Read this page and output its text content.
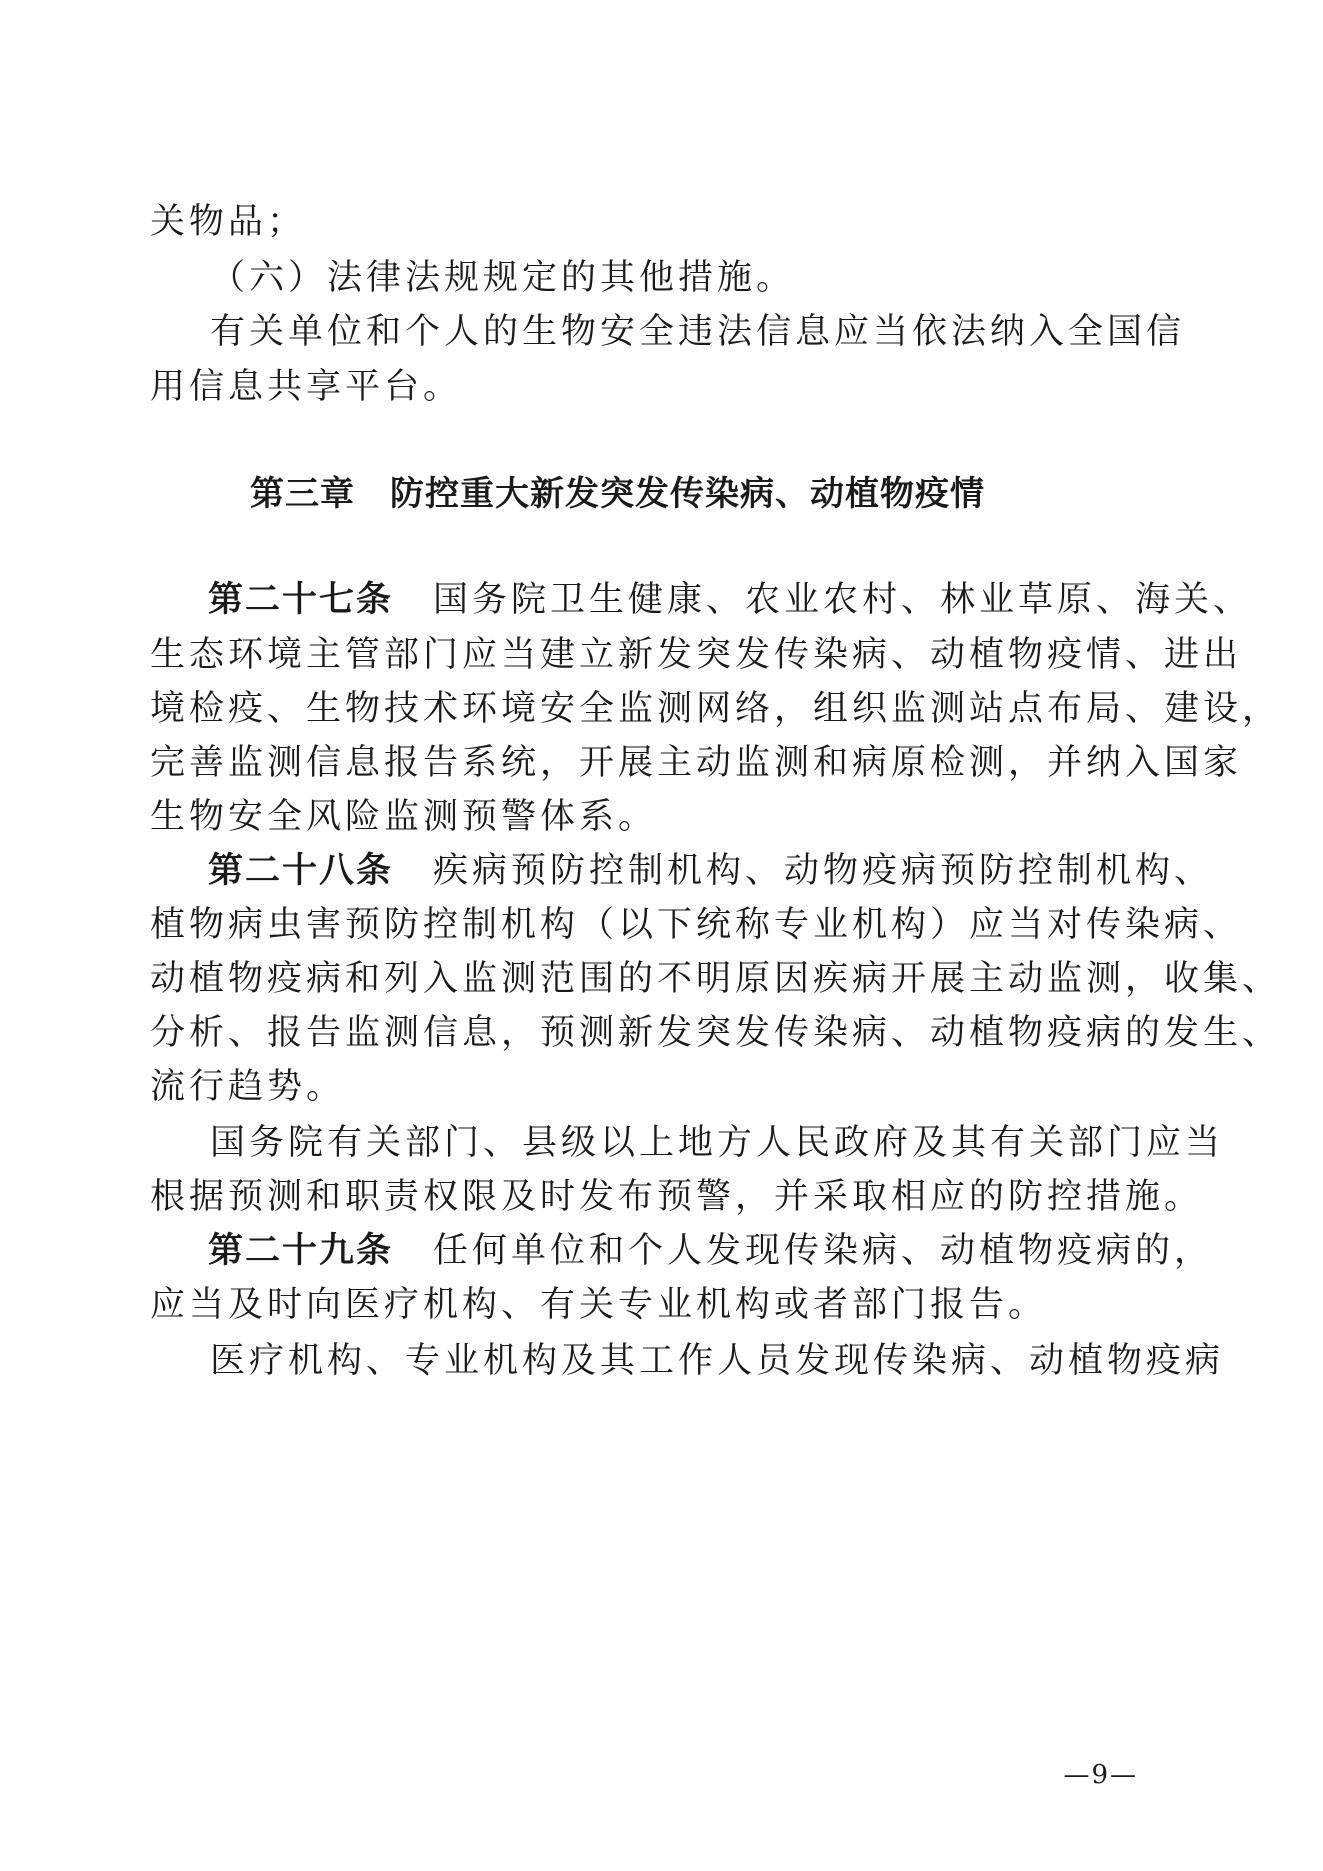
关物品；
（六）法律法规规定的其他措施。
有关单位和个人的生物安全违法信息应当依法纳入全国信
用信息共享平台。
第三章　防控重大新发突发传染病、动植物疫情
第二十七条 国务院卫生健康、农业农村、林业草原、海关、
生态环境主管部门应当建立新发突发传染病、动植物疫情、进出
境检疫、生物技术环境安全监测网络，组织监测站点布局、建设，
完善监测信息报告系统，开展主动监测和病原检测，并纳入国家
生物安全风险监测预警体系。
第二十八条 疾病预防控制机构、动物疫病预防控制机构、
植物病虫害预防控制机构（以下统称专业机构）应当对传染病、
动植物疫病和列入监测范围的不明原因疾病开展主动监测，收集、
分析、报告监测信息，预测新发突发传染病、动植物疫病的发生、
流行趋势。
国务院有关部门、县级以上地方人民政府及其有关部门应当
根据预测和职责权限及时发布预警，并采取相应的防控措施。
第二十九条 任何单位和个人发现传染病、动植物疫病的，
应当及时向医疗机构、有关专业机构或者部门报告。
医疗机构、专业机构及其工作人员发现传染病、动植物疫病
—9—
